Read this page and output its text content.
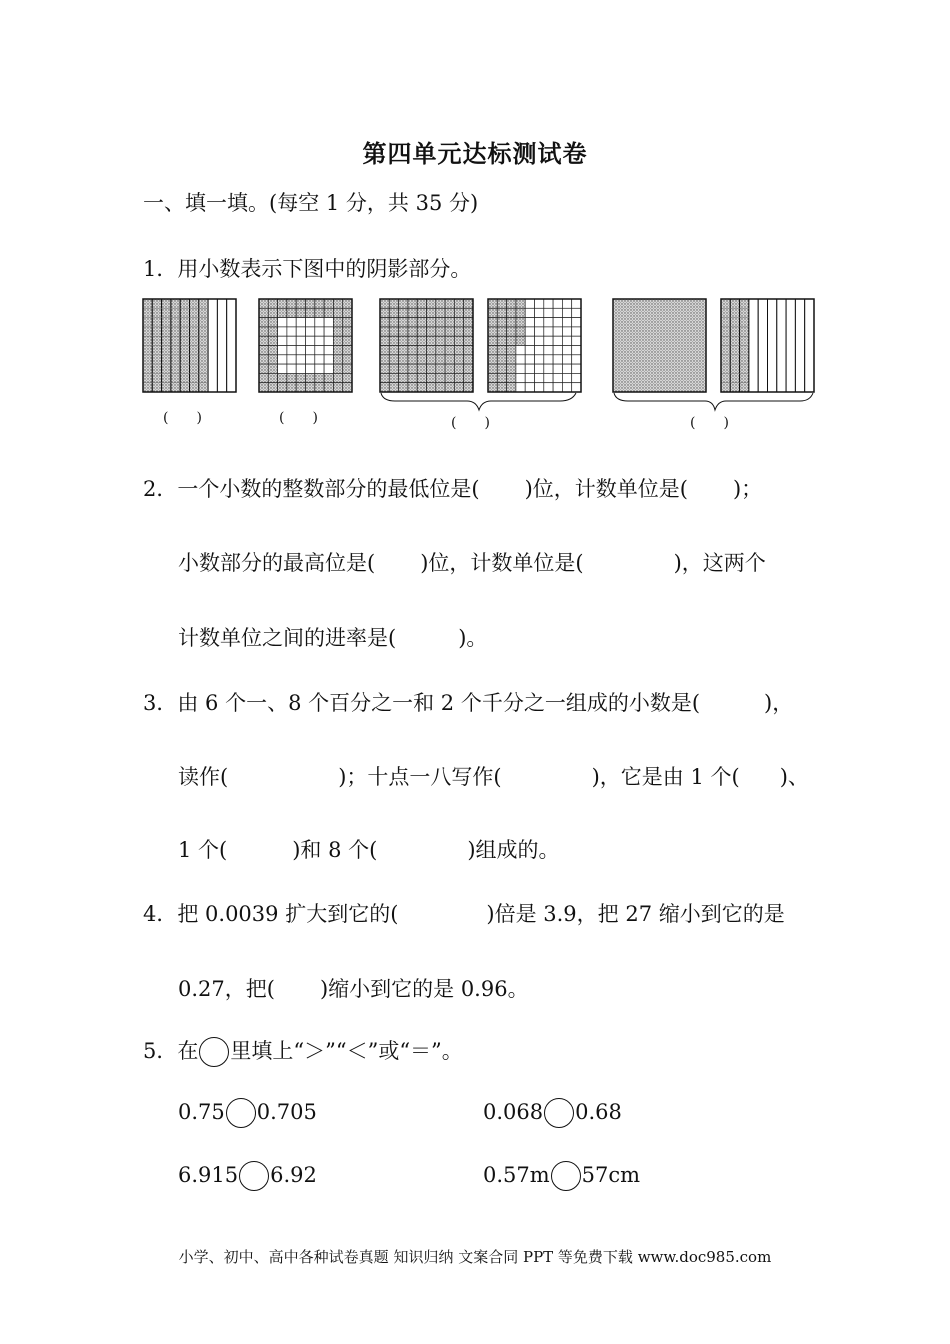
第四单元达标测试卷
一、填一填。(每空 1 分，共 35 分)
1．用小数表示下图中的阴影部分。
(　　)	(　　)	(　　)	(　　)
2．一个小数的整数部分的最低位是( )位，计数单位是( )；
小数部分的最高位是( )位，计数单位是(	)，这两个
计数单位之间的进率是(	)。
3．由 6 个一、8 个百分之一和 2 个千分之一组成的小数是(	)，
读作(	)；十点一八写作(	)，它是由 1 个( )、
1 个(	)和 8 个(	)组成的。
4．把 0.0039 扩大到它的(	)倍是 3.9，把 27 缩小到它的是
0.27，把( )缩小到它的是 0.96。
5．在 里填上“＞”“＜”或“＝”。
0.75 0.705	0.068 0.68
6.915 6.92	0.57m 57cm
小学、初中、高中各种试卷真题 知识归纳 文案合同 PPT 等免费下载 www.doc985.com
